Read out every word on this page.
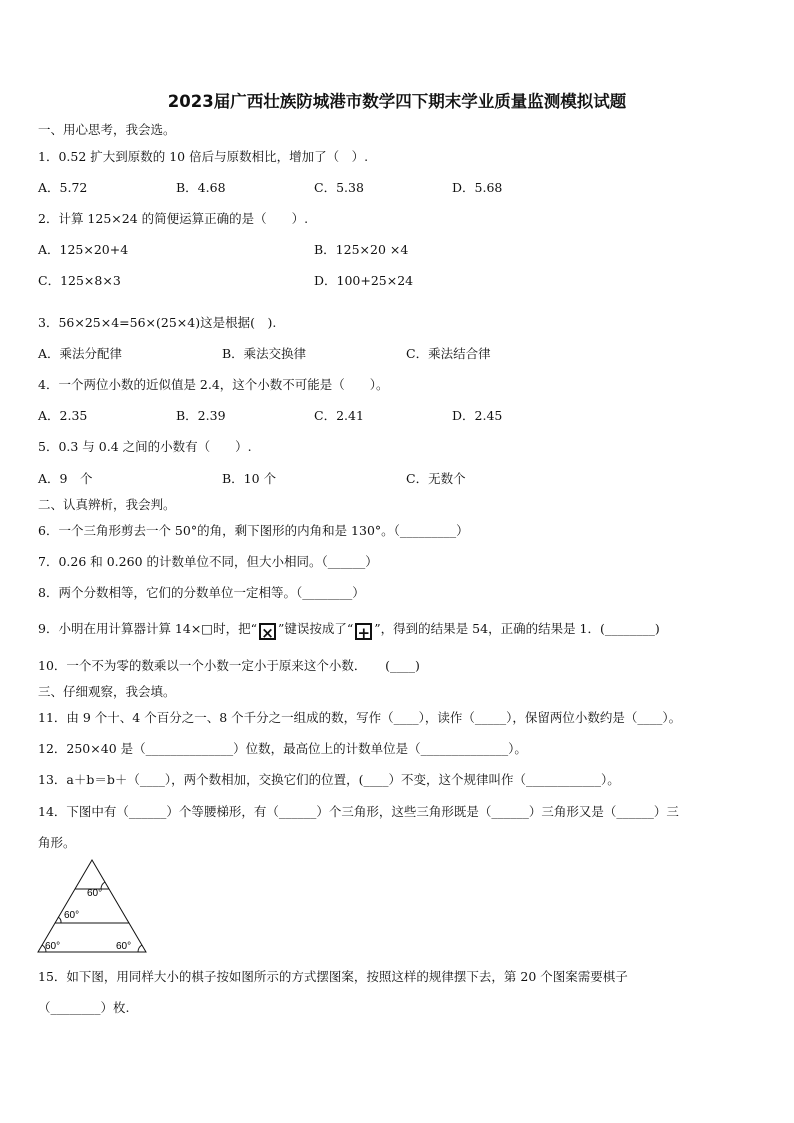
2023届广西壮族防城港市数学四下期末学业质量监测模拟试题
一、用心思考，我会选。
1．0.52 扩大到原数的 10 倍后与原数相比，增加了（　）.
A．5.72	B．4.68	C．5.38	D．5.68
2．计算 125×24 的简便运算正确的是（　　）.
A．125×20+4	B．125×20 ×4
C．125×8×3	D．100+25×24
3．56×25×4=56×(25×4)这是根据(　).
A．乘法分配律	B．乘法交换律	C．乘法结合律
4．一个两位小数的近似值是 2.4，这个小数不可能是（　　）。
A．2.35	B．2.39	C．2.41	D．2.45
5．0.3 与 0.4 之间的小数有（　　）.
A．9　个	B．10 个	C．无数个
二、认真辨析，我会判。
6．一个三角形剪去一个 50°的角，剩下图形的内角和是 130°。（_________）
7．0.26 和 0.260 的计数单位不同，但大小相同。（______）
8．两个分数相等，它们的分数单位一定相等。（________）
9．小明在用计算器计算 14×□时，把“ × ”键误按成了“ + ”，得到的结果是 54，正确的结果是 1．(________)
10．一个不为零的数乘以一个小数一定小于原来这个小数．　　(____)
三、仔细观察，我会填。
11．由 9 个十、4 个百分之一、8 个千分之一组成的数，写作（____），读作（_____），保留两位小数约是（____）。
12．250×40 是（______________）位数，最高位上的计数单位是（______________）。
13．a＋b＝b＋（____），两个数相加，交换它们的位置，(____）不变，这个规律叫作（____________）。
14．下图中有（______）个等腰梯形，有（______）个三角形，这些三角形既是（______）三角形又是（______）三
角形。
60°
60°
60°	60°
15．如下图，用同样大小的棋子按如图所示的方式摆图案，按照这样的规律摆下去，第 20 个图案需要棋子
（________）枚.
